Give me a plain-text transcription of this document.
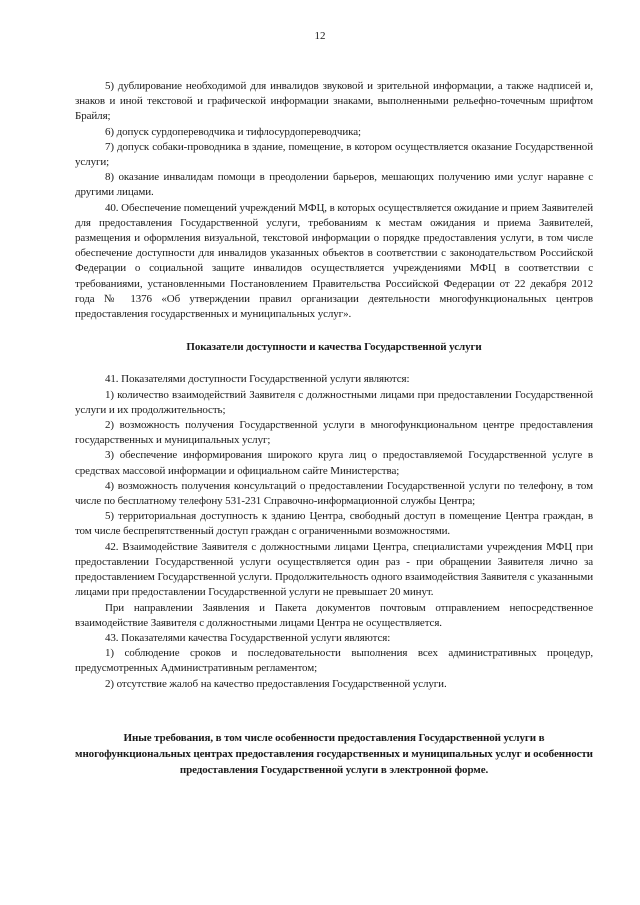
12

5) дублирование необходимой для инвалидов звуковой и зрительной информации, а также надписей и, знаков и иной текстовой и графической информации знаками, выполненными рельефно-точечным шрифтом Брайля;

6) допуск сурдопереводчика и тифлосурдопереводчика;

7) допуск собаки-проводника в здание, помещение, в котором осуществляется оказание Государственной услуги;

8) оказание инвалидам помощи в преодолении барьеров, мешающих получению ими услуг наравне с другими лицами.

40. Обеспечение помещений учреждений МФЦ, в которых осуществляется ожидание и прием Заявителей для предоставления Государственной услуги, требованиям к местам ожидания и приема Заявителей, размещения и оформления визуальной, текстовой информации о порядке предоставления услуги, в том числе обеспечение доступности для инвалидов указанных объектов в соответствии с законодательством Российской Федерации о социальной защите инвалидов осуществляется учреждениями МФЦ в соответствии с требованиями, установленными Постановлением Правительства Российской Федерации от 22 декабря 2012 года № 1376 «Об утверждении правил организации деятельности многофункциональных центров предоставления государственных и муниципальных услуг».

Показатели доступности и качества Государственной услуги

41. Показателями доступности Государственной услуги являются:

1) количество взаимодействий Заявителя с должностными лицами при предоставлении Государственной услуги и их продолжительность;

2) возможность получения Государственной услуги в многофункциональном центре предоставления государственных и муниципальных услуг;

3) обеспечение информирования широкого круга лиц о предоставляемой Государственной услуге в средствах массовой информации и официальном сайте Министерства;

4) возможность получения консультаций о предоставлении Государственной услуги по телефону, в том числе по бесплатному телефону 531-231 Справочно-информационной службы Центра;

5) территориальная доступность к зданию Центра, свободный доступ в помещение Центра граждан, в том числе беспрепятственный доступ граждан с ограниченными возможностями.

42. Взаимодействие Заявителя с должностными лицами Центра, специалистами учреждения МФЦ при предоставлении Государственной услуги осуществляется один раз - при обращении Заявителя лично за предоставлением Государственной услуги. Продолжительность одного взаимодействия Заявителя с указанными лицами при предоставлении Государственной услуги не превышает 20 минут.

При направлении Заявления и Пакета документов почтовым отправлением непосредственное взаимодействие Заявителя с должностными лицами Центра не осуществляется.

43. Показателями качества Государственной услуги являются:

1) соблюдение сроков и последовательности выполнения всех административных процедур, предусмотренных Административным регламентом;

2) отсутствие жалоб на качество предоставления Государственной услуги.

Иные требования, в том числе особенности предоставления Государственной услуги в многофункциональных центрах предоставления государственных и муниципальных услуг и особенности предоставления Государственной услуги в электронной форме.
